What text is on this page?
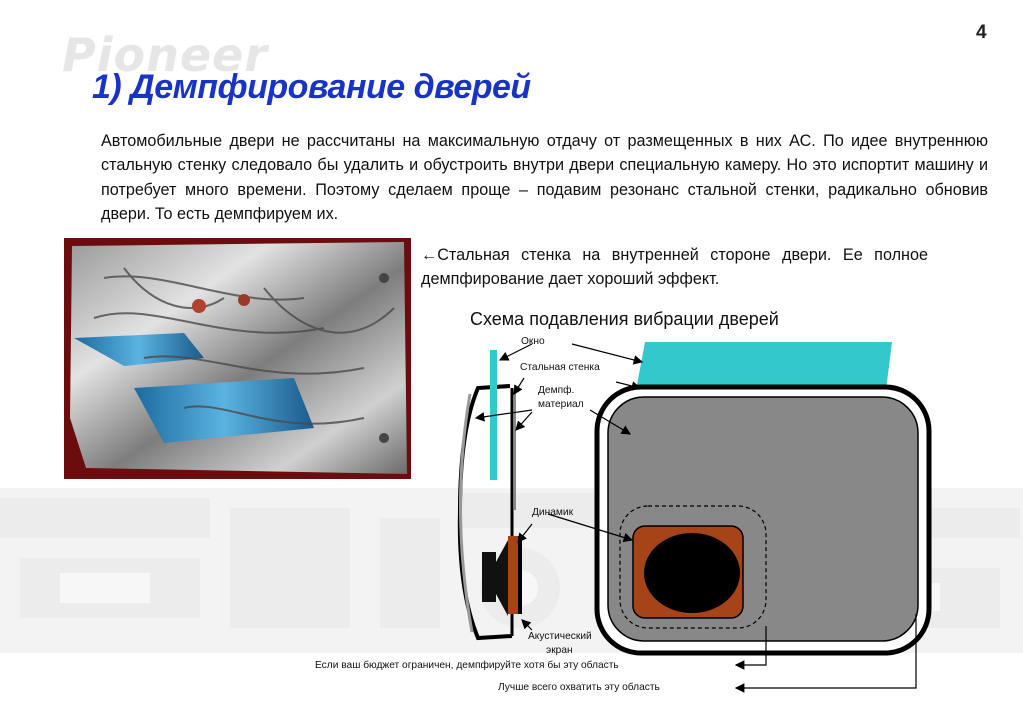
Pioneer	4
1) Демпфирование дверей

Автомобильные двери не рассчитаны на максимальную отдачу от размещенных в них АС. По идее внутреннюю стальную стенку следовало бы удалить и обустроить внутри двери специальную камеру. Но это испортит машину и потребует много времени. Поэтому сделаем проще – подавим резонанс стальной стенки, радикально обновив двери. То есть демпфируем их.

←Стальная стенка на внутренней стороне двери. Ее полное демпфирование дает хороший эффект.

Схема подавления вибрации дверей
Окно
Стальная стенка
Демпф.
материал
Динамик
Акустический
экран
Если ваш бюджет ограничен, демпфируйте хотя бы эту область
Лучше всего охватить эту область
